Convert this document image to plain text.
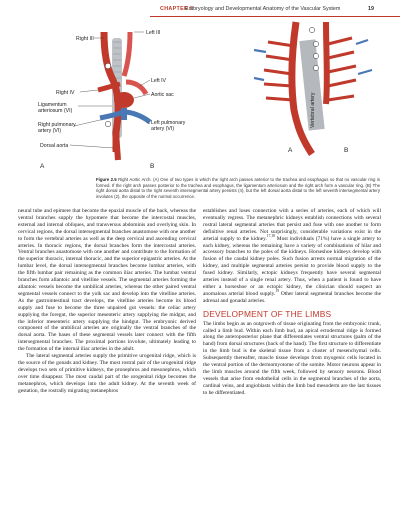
CHAPTER 2
Embryology and Developmental Anatomy of the Vascular System	19
Right III
Left III
Left IV
Aortic sac
Right IV
Ligamentum
arteriosum (VI)
Left pulmonary
artery (VI)
Right pulmonary
artery (VI)
Dorsal aorta
A	B
Vertebral artery
A	B
Figure 2.5 Right Aortic Arch. (A) One of two types in which the right arch passes anterior to the trachea and esophagus so that no vascular ring is formed. If the right arch passes posterior to the trachea and esophagus, the ligamentum arteriosum and the right arch form a vascular ring. (B) The right dorsal aorta distal to the right seventh intersegmental artery persists (4), but the left dorsal aorta distal to the left seventh intersegmental artery involutes (2), the opposite of the normal occurrence.

neural tube and epimere that become the epaxial muscle of the back, whereas the ventral branches supply the hypomere that become the intercostal muscles, external and internal obliques, and transversus abdominis and overlying skin. In cervical regions, the dorsal intersegmental branches anastomose with one another to form the vertebral arteries as well as the deep cervical and ascending cervical arteries. In thoracic regions, the dorsal branches form the intercostal arteries. Ventral branches anastomose with one another and contribute to the formation of the superior thoracic, internal thoracic, and the superior epigastric arteries. At the lumbar level, the dorsal intersegmental branches become lumbar arteries, with the fifth lumbar pair remaining as the common iliac arteries. The lumbar ventral branches form allantoic and vitelline vessels. The segmental arteries forming the allantoic vessels become the umbilical arteries, whereas the other paired ventral segmental vessels connect to the yolk sac and develop into the vitelline arteries. As the gastrointestinal tract develops, the vitelline arteries become its blood supply and fuse to become the three unpaired gut vessels: the celiac artery supplying the foregut, the superior mesenteric artery supplying the midgut, and the inferior mesenteric artery supplying the hindgut. The embryonic derived component of the umbilical arteries are originally the ventral branches of the dorsal aorta. The bases of these segmental vessels later connect with the fifth intersegmental branches. The proximal portions involute, ultimately leading to the formation of the internal iliac arteries in the adult.

The lateral segmental arteries supply the primitive urogenital ridge, which is the source of the gonads and kidney. The most rostral pair of the urogenital ridge develops two sets of primitive kidneys, the pronephros and mesonephros, which over time disappear. The most caudal part of the urogenital ridge becomes the metanephros, which develops into the adult kidney. At the seventh week of gestation, the rostrally migrating metanephros

establishes and loses connection with a series of arteries, each of which will eventually regress. The metanephric kidneys establish connections with several rostral lateral segmental arteries that persist and fuse with one another to form definitive renal arteries. Not surprisingly, considerable variations exist in the arterial supply to the kidney.$^{17,18}$ Most individuals (71%) have a single artery to each kidney, whereas the remaining have a variety of combinations of hilar and accessory branches to the poles of the kidneys. Horseshoe kidneys develop with fusion of the caudal kidney poles. Such fusion arrests normal migration of the kidney, and multiple segmental arteries persist to provide blood supply to the fused kidney. Similarly, ectopic kidneys frequently have several segmental arteries instead of a single renal artery. Thus, when a patient is found to have either a horseshoe or an ectopic kidney, the clinician should suspect an anomalous arterial blood supply.$^{19}$ Other lateral segmental branches become the adrenal and gonadal arteries.

DEVELOPMENT OF THE LIMBS

The limbs begin as an outgrowth of tissue originating from the embryonic trunk, called a limb bud. Within each limb bud, an apical ectodermal ridge is formed along the anteroposterior plane that differentiates ventral structures (palm of the hand) from dorsal structures (back of the hand). The first structure to differentiate in the limb bud is the skeletal tissue from a cluster of mesenchymal cells. Subsequently thereafter, muscle tissue develops from myogenic cells located in the ventral portion of the dermomyotome of the somite. Motor neurons appear in the limb muscles around the fifth week, followed by sensory neurons. Blood vessels that arise from endothelial cells in the segmental branches of the aorta, cardinal veins, and angioblasts within the limb bud mesoderm are the last tissues to be differentiated.
